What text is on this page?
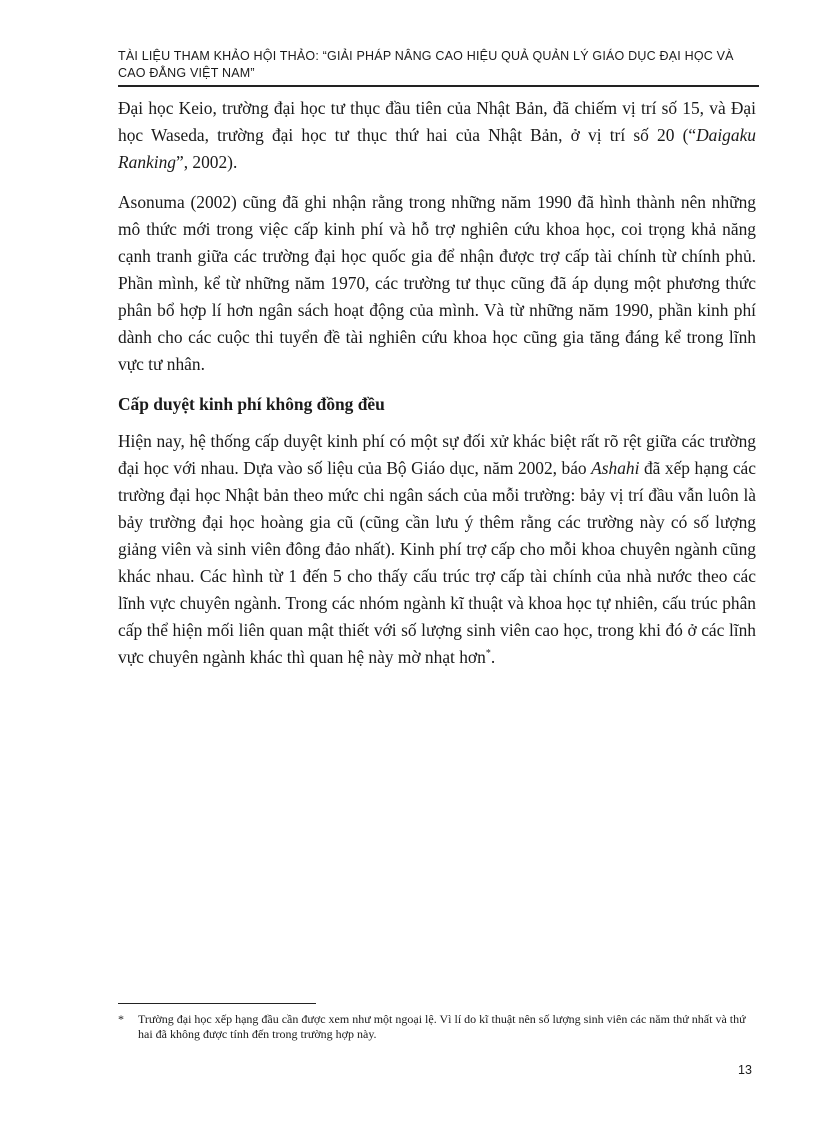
TÀI LIỆU THAM KHẢO HỘI THẢO: “GIẢI PHÁP NÂNG CAO HIỆU QUẢ QUẢN LÝ GIÁO DỤC ĐẠI HỌC VÀ CAO ĐẲNG VIỆT NAM”

Đại học Keio, trường đại học tư thục đầu tiên của Nhật Bản, đã chiếm vị trí số 15, và Đại học Waseda, trường đại học tư thục thứ hai của Nhật Bản, ở vị trí số 20 (“Daigaku Ranking”, 2002).

Asonuma (2002) cũng đã ghi nhận rằng trong những năm 1990 đã hình thành nên những mô thức mới trong việc cấp kinh phí và hỗ trợ nghiên cứu khoa học, coi trọng khả năng cạnh tranh giữa các trường đại học quốc gia để nhận được trợ cấp tài chính từ chính phủ. Phần mình, kể từ những năm 1970, các trường tư thục cũng đã áp dụng một phương thức phân bổ hợp lí hơn ngân sách hoạt động của mình. Và từ những năm 1990, phần kinh phí dành cho các cuộc thi tuyển đề tài nghiên cứu khoa học cũng gia tăng đáng kể trong lĩnh vực tư nhân.

Cấp duyệt kinh phí không đồng đều

Hiện nay, hệ thống cấp duyệt kinh phí có một sự đối xử khác biệt rất rõ rệt giữa các trường đại học với nhau. Dựa vào số liệu của Bộ Giáo dục, năm 2002, báo Ashahi đã xếp hạng các trường đại học Nhật bản theo mức chi ngân sách của mỗi trường: bảy vị trí đầu vẫn luôn là bảy trường đại học hoàng gia cũ (cũng cần lưu ý thêm rằng các trường này có số lượng giảng viên và sinh viên đông đảo nhất). Kinh phí trợ cấp cho mỗi khoa chuyên ngành cũng khác nhau. Các hình từ 1 đến 5 cho thấy cấu trúc trợ cấp tài chính của nhà nước theo các lĩnh vực chuyên ngành. Trong các nhóm ngành kĩ thuật và khoa học tự nhiên, cấu trúc phân cấp thể hiện mối liên quan mật thiết với số lượng sinh viên cao học, trong khi đó ở các lĩnh vực chuyên ngành khác thì quan hệ này mờ nhạt hơn*.

*	Trường đại học xếp hạng đầu cần được xem như một ngoại lệ. Vì lí do kĩ thuật nên số lượng sinh viên các năm thứ nhất và thứ hai đã không được tính đến trong trường hợp này.
13
